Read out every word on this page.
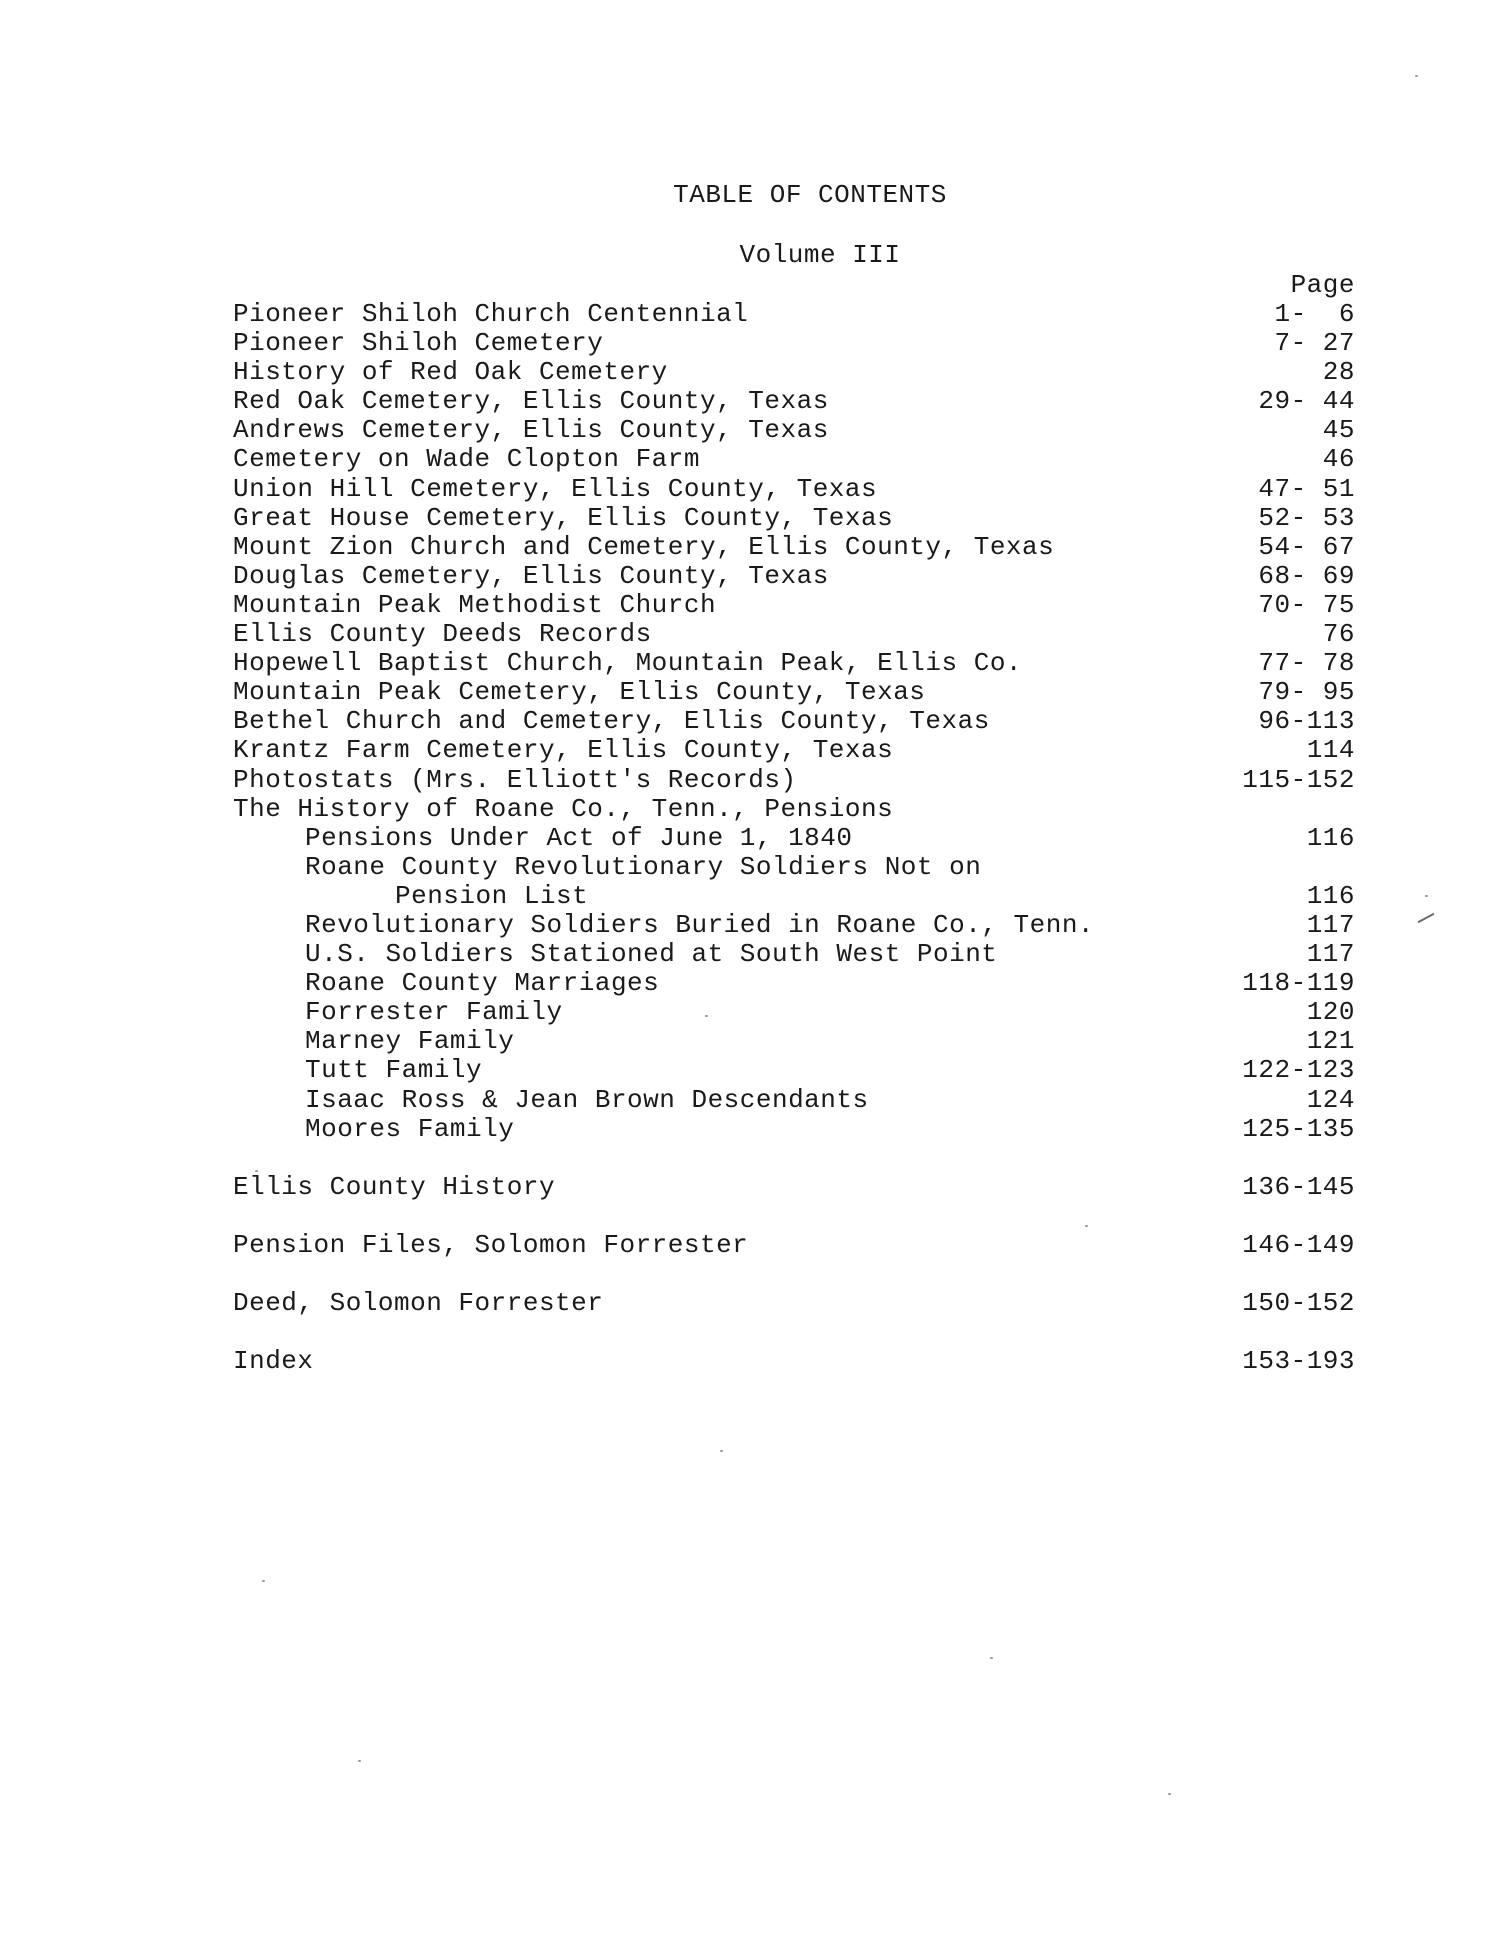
TABLE OF CONTENTS
Volume III
Page
Pioneer Shiloh Church Centennial	1-  6
Pioneer Shiloh Cemetery	7- 27
History of Red Oak Cemetery	28
Red Oak Cemetery, Ellis County, Texas	29- 44
Andrews Cemetery, Ellis County, Texas	45
Cemetery on Wade Clopton Farm	46
Union Hill Cemetery, Ellis County, Texas	47- 51
Great House Cemetery, Ellis County, Texas	52- 53
Mount Zion Church and Cemetery, Ellis County, Texas	54- 67
Douglas Cemetery, Ellis County, Texas	68- 69
Mountain Peak Methodist Church	70- 75
Ellis County Deeds Records	76
Hopewell Baptist Church, Mountain Peak, Ellis Co.	77- 78
Mountain Peak Cemetery, Ellis County, Texas	79- 95
Bethel Church and Cemetery, Ellis County, Texas	96-113
Krantz Farm Cemetery, Ellis County, Texas	114
Photostats (Mrs. Elliott's Records)	115-152
The History of Roane Co., Tenn., Pensions
Pensions Under Act of June 1, 1840	116
Roane County Revolutionary Soldiers Not on
Pension List	116
Revolutionary Soldiers Buried in Roane Co., Tenn.	117
U.S. Soldiers Stationed at South West Point	117
Roane County Marriages	118-119
Forrester Family	120
Marney Family	121
Tutt Family	122-123
Isaac Ross & Jean Brown Descendants	124
Moores Family	125-135
Ellis County History	136-145
Pension Files, Solomon Forrester	146-149
Deed, Solomon Forrester	150-152
Index	153-193
